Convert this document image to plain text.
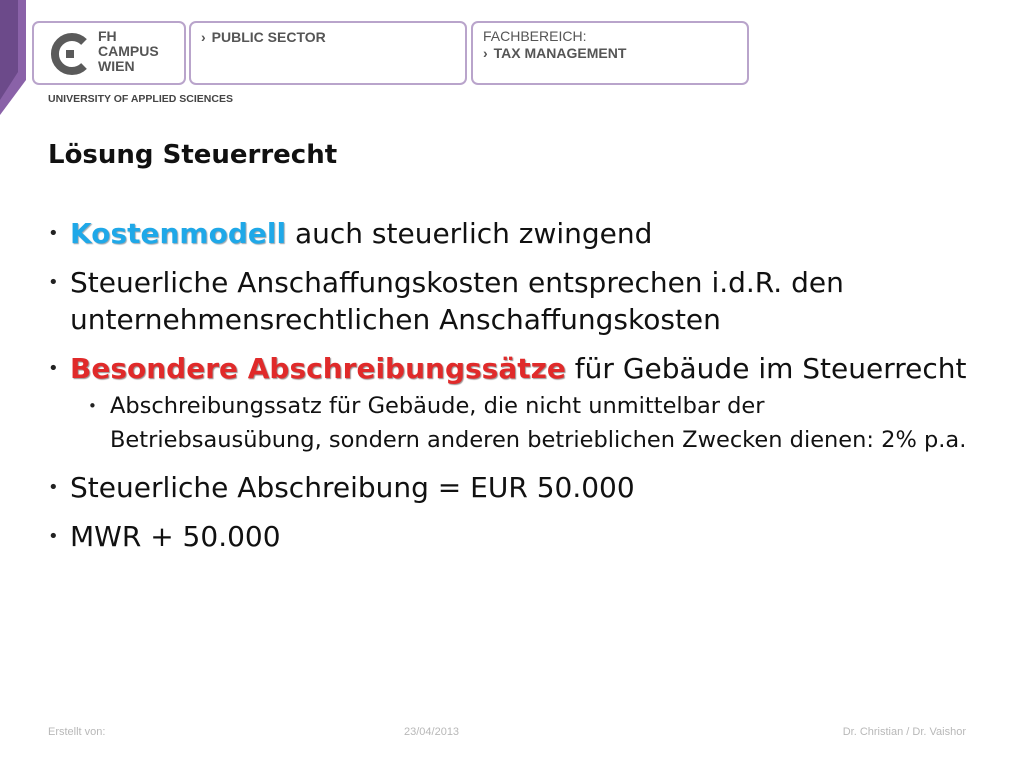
FH
CAMPUS
WIEN
› PUBLIC SECTOR	FACHBEREICH:
› TAX MANAGEMENT
UNIVERSITY OF APPLIED SCIENCES
Lösung Steuerrecht
• Kostenmodell auch steuerlich zwingend
• Steuerliche Anschaffungskosten entsprechen i.d.R. den unternehmensrechtlichen Anschaffungskosten
• Besondere Abschreibungssätze für Gebäude im Steuerrecht
• Abschreibungssatz für Gebäude, die nicht unmittelbar der Betriebsausübung, sondern anderen betrieblichen Zwecken dienen: 2% p.a.
• Steuerliche Abschreibung = EUR 50.000
• MWR + 50.000
Erstellt von:	23/04/2013	Dr. Christian / Dr. Vaishor
